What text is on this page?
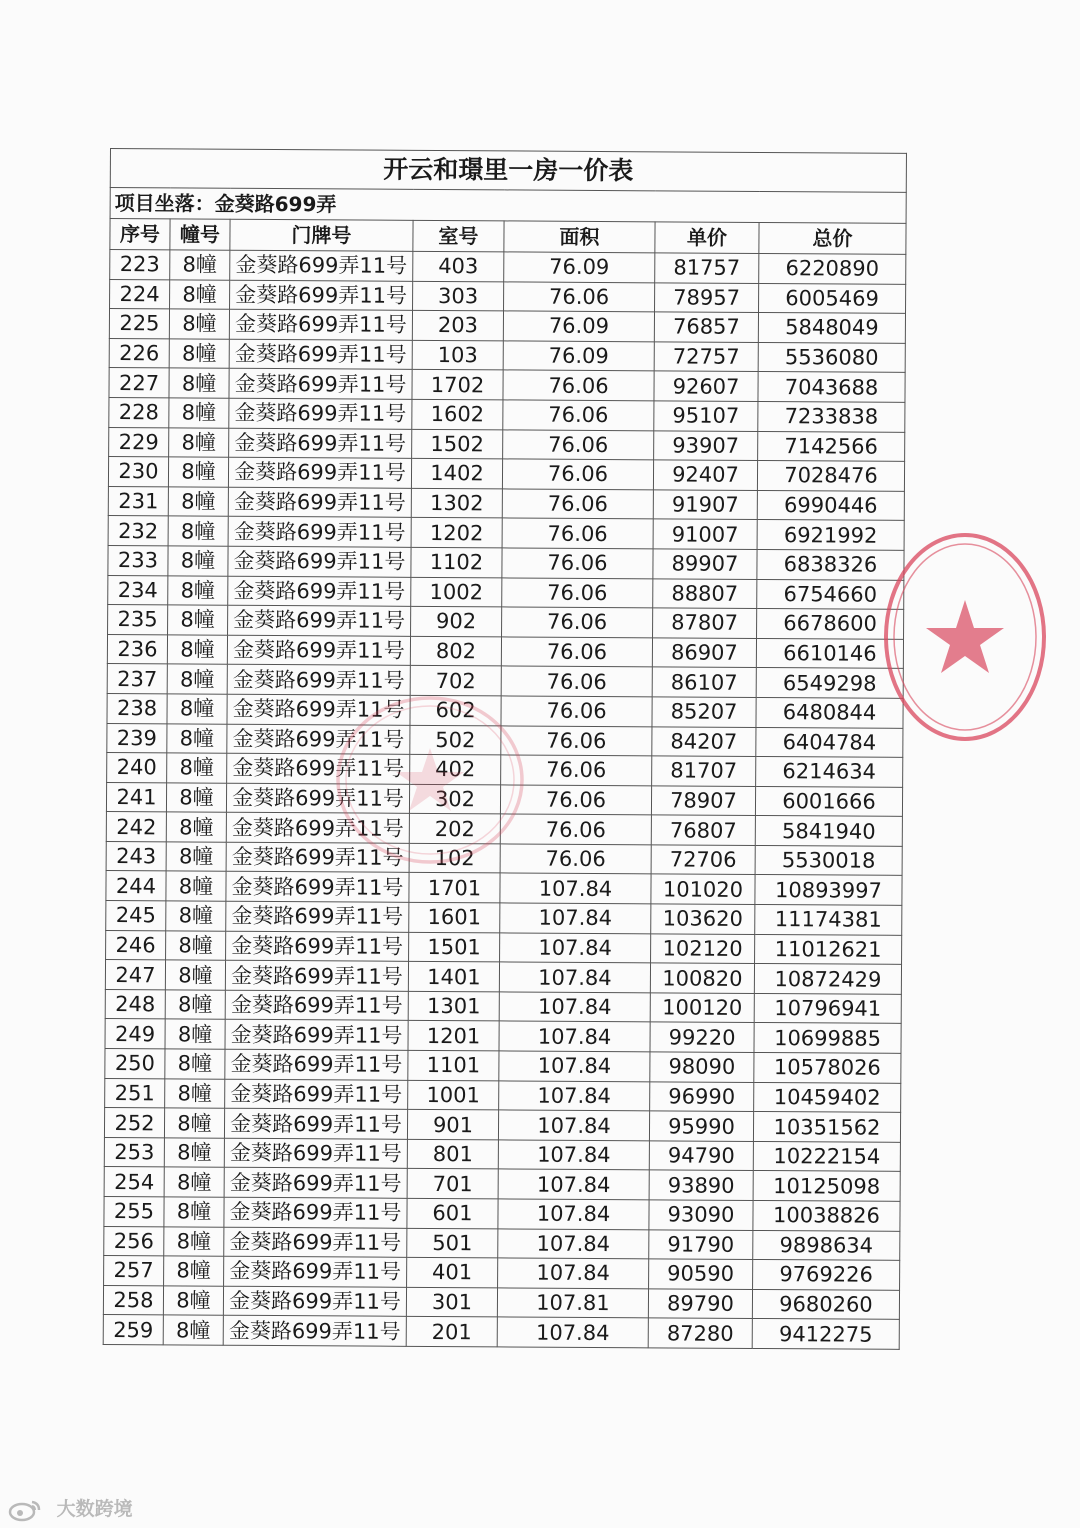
开云和璟里一房一价表						
项目坐落：金葵路699弄						
序号	幢号	门牌号	室号	面积	单价	总价
223	8幢	金葵路699弄11号	403	76.09	81757	6220890
224	8幢	金葵路699弄11号	303	76.06	78957	6005469
225	8幢	金葵路699弄11号	203	76.09	76857	5848049
226	8幢	金葵路699弄11号	103	76.09	72757	5536080
227	8幢	金葵路699弄11号	1702	76.06	92607	7043688
228	8幢	金葵路699弄11号	1602	76.06	95107	7233838
229	8幢	金葵路699弄11号	1502	76.06	93907	7142566
230	8幢	金葵路699弄11号	1402	76.06	92407	7028476
231	8幢	金葵路699弄11号	1302	76.06	91907	6990446
232	8幢	金葵路699弄11号	1202	76.06	91007	6921992
233	8幢	金葵路699弄11号	1102	76.06	89907	6838326
234	8幢	金葵路699弄11号	1002	76.06	88807	6754660
235	8幢	金葵路699弄11号	902	76.06	87807	6678600
236	8幢	金葵路699弄11号	802	76.06	86907	6610146
237	8幢	金葵路699弄11号	702	76.06	86107	6549298
238	8幢	金葵路699弄11号	602	76.06	85207	6480844
239	8幢	金葵路699弄11号	502	76.06	84207	6404784
240	8幢	金葵路699弄11号	402	76.06	81707	6214634
241	8幢	金葵路699弄11号	302	76.06	78907	6001666
242	8幢	金葵路699弄11号	202	76.06	76807	5841940
243	8幢	金葵路699弄11号	102	76.06	72706	5530018
244	8幢	金葵路699弄11号	1701	107.84	101020	10893997
245	8幢	金葵路699弄11号	1601	107.84	103620	11174381
246	8幢	金葵路699弄11号	1501	107.84	102120	11012621
247	8幢	金葵路699弄11号	1401	107.84	100820	10872429
248	8幢	金葵路699弄11号	1301	107.84	100120	10796941
249	8幢	金葵路699弄11号	1201	107.84	99220	10699885
250	8幢	金葵路699弄11号	1101	107.84	98090	10578026
251	8幢	金葵路699弄11号	1001	107.84	96990	10459402
252	8幢	金葵路699弄11号	901	107.84	95990	10351562
253	8幢	金葵路699弄11号	801	107.84	94790	10222154
254	8幢	金葵路699弄11号	701	107.84	93890	10125098
255	8幢	金葵路699弄11号	601	107.84	93090	10038826
256	8幢	金葵路699弄11号	501	107.84	91790	9898634
257	8幢	金葵路699弄11号	401	107.84	90590	9769226
258	8幢	金葵路699弄11号	301	107.81	89790	9680260
259	8幢	金葵路699弄11号	201	107.84	87280	9412275
大数跨境
